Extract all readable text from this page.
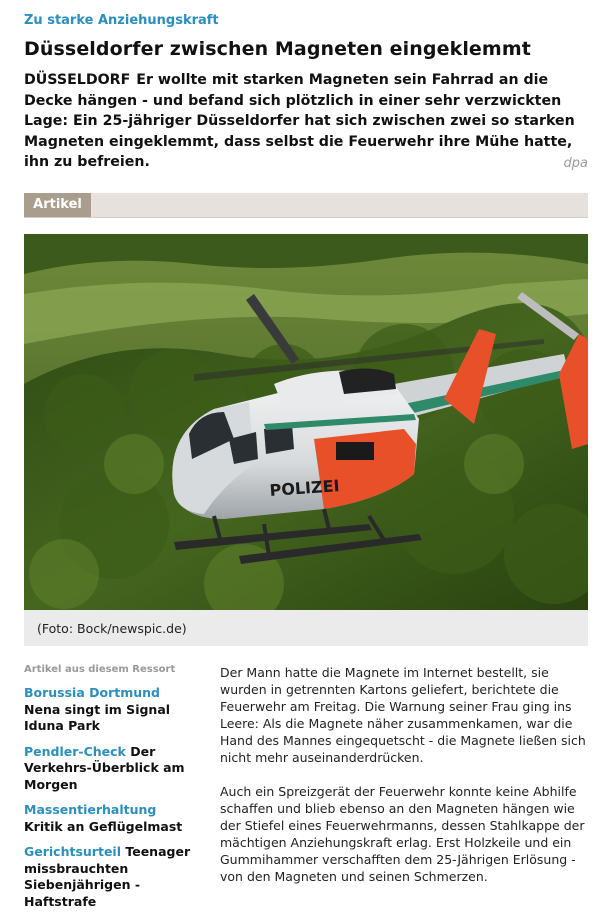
Zu starke Anziehungskraft
Düsseldorfer zwischen Magneten eingeklemmt

DÜSSELDORF Er wollte mit starken Magneten sein Fahrrad an die Decke hängen - und befand sich plötzlich in einer sehr verzwickten Lage: Ein 25-jähriger Düsseldorfer hat sich zwischen zwei so starken Magneten eingeklemmt, dass selbst die Feuerwehr ihre Mühe hatte, ihn zu befreien.	dpa
Artikel
POLIZEI
(Foto: Bock/newspic.de)
Artikel aus diesem Ressort
Borussia Dortmund Nena singt im Signal Iduna Park
Pendler-Check Der Verkehrs-Überblick am Morgen
Massentierhaltung Kritik an Geflügelmast
Gerichtsurteil Teenager missbrauchten Siebenjährigen - Haftstrafe

Der Mann hatte die Magnete im Internet bestellt, sie wurden in getrennten Kartons geliefert, berichtete die Feuerwehr am Freitag. Die Warnung seiner Frau ging ins Leere: Als die Magnete näher zusammenkamen, war die Hand des Mannes eingequetscht - die Magnete ließen sich nicht mehr auseinanderdrücken.

Auch ein Spreizgerät der Feuerwehr konnte keine Abhilfe schaffen und blieb ebenso an den Magneten hängen wie der Stiefel eines Feuerwehrmanns, dessen Stahlkappe der mächtigen Anziehungskraft erlag. Erst Holzkeile und ein Gummihammer verschafften dem 25-Jährigen Erlösung - von den Magneten und seinen Schmerzen.
